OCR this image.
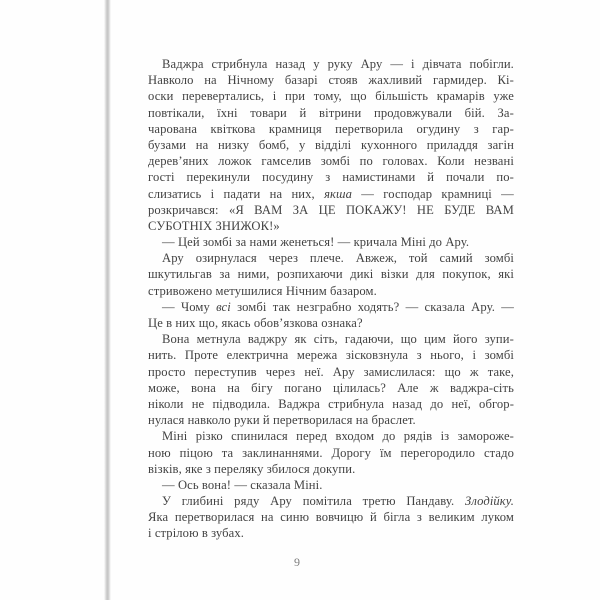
Ваджра стрибнула назад у руку Ару — і дівчата побігли.
Навколо на Нічному базарі стояв жахливий гармидер. Кі-
оски перевертались, і при тому, що більшість крамарів уже
повтікали, їхні товари й вітрини продовжували бій. За-
чарована квіткова крамниця перетворила огудину з гар-
бузами на низку бомб, у відділі кухонного приладдя загін
дерев’яних ложок гамселив зомбі по головах. Коли незвані
гості перекинули посудину з намистинами й почали по-
слизатись і падати на них, якша — господар крамниці —
розкричався: «Я ВАМ ЗА ЦЕ ПОКАЖУ! НЕ БУДЕ ВАМ
СУБОТНІХ ЗНИЖОК!»
— Цей зомбі за нами женеться! — кричала Міні до Ару.
Ару озирнулася через плече. Авжеж, той самий зомбі
шкутильгав за ними, розпихаючи дикі візки для покупок, які
стривожено метушилися Нічним базаром.
— Чому всі зомбі так незграбно ходять? — сказала Ару. —
Це в них що, якась обов’язкова ознака?
Вона метнула ваджру як сіть, гадаючи, що цим його зупи-
нить. Проте електрична мережа зісковзнула з нього, і зомбі
просто переступив через неї. Ару замислилася: що ж таке,
може, вона на бігу погано цілилась? Але ж ваджра-сіть
ніколи не підводила. Ваджра стрибнула назад до неї, обгор-
нулася навколо руки й перетворилася на браслет.
Міні різко спинилася перед входом до рядів із замороже-
ною піцою та заклинаннями. Дорогу їм перегородило стадо
візків, яке з переляку збилося докупи.
— Ось вона! — сказала Міні.
У глибині ряду Ару помітила третю Пандаву. Злодійку.
Яка перетворилася на синю вовчицю й бігла з великим луком
і стрілою в зубах.
9
